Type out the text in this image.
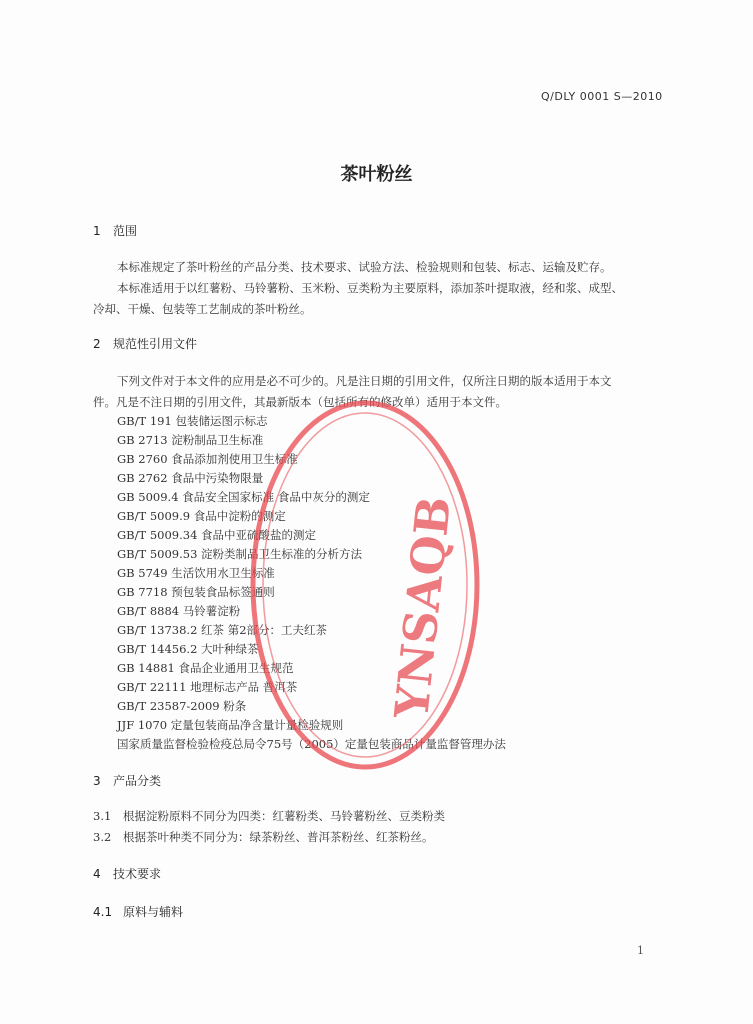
Q/DLY 0001 S—2010

茶叶粉丝
1 范围

本标准规定了茶叶粉丝的产品分类、技术要求、试验方法、检验规则和包装、标志、运输及贮存。

本标准适用于以红薯粉、马铃薯粉、玉米粉、豆类粉为主要原料，添加茶叶提取液，经和浆、成型、

冷却、干燥、包装等工艺制成的茶叶粉丝。

2 规范性引用文件

下列文件对于本文件的应用是必不可少的。凡是注日期的引用文件，仅所注日期的版本适用于本文

件。凡是不注日期的引用文件，其最新版本（包括所有的修改单）适用于本文件。

GB/T 191 包装储运图示标志

GB 2713 淀粉制品卫生标准

GB 2760 食品添加剂使用卫生标准

GB 2762 食品中污染物限量

GB 5009.4 食品安全国家标准 食品中灰分的测定

GB/T 5009.9 食品中淀粉的测定

GB/T 5009.34 食品中亚硫酸盐的测定

GB/T 5009.53 淀粉类制品卫生标准的分析方法

GB 5749 生活饮用水卫生标准

GB 7718 预包装食品标签通则

GB/T 8884 马铃薯淀粉

GB/T 13738.2 红茶 第2部分：工夫红茶

GB/T 14456.2 大叶种绿茶

GB 14881 食品企业通用卫生规范

GB/T 22111 地理标志产品 普洱茶

GB/T 23587-2009 粉条

JJF 1070 定量包装商品净含量计量检验规则

国家质量监督检验检疫总局令75号（2005）定量包装商品计量监督管理办法

3 产品分类
3.1 根据淀粉原料不同分为四类：红薯粉类、马铃薯粉丝、豆类粉类
3.2 根据茶叶种类不同分为：绿茶粉丝、普洱茶粉丝、红茶粉丝。
4 技术要求
4.1 原料与辅料

1

YNSAQB
